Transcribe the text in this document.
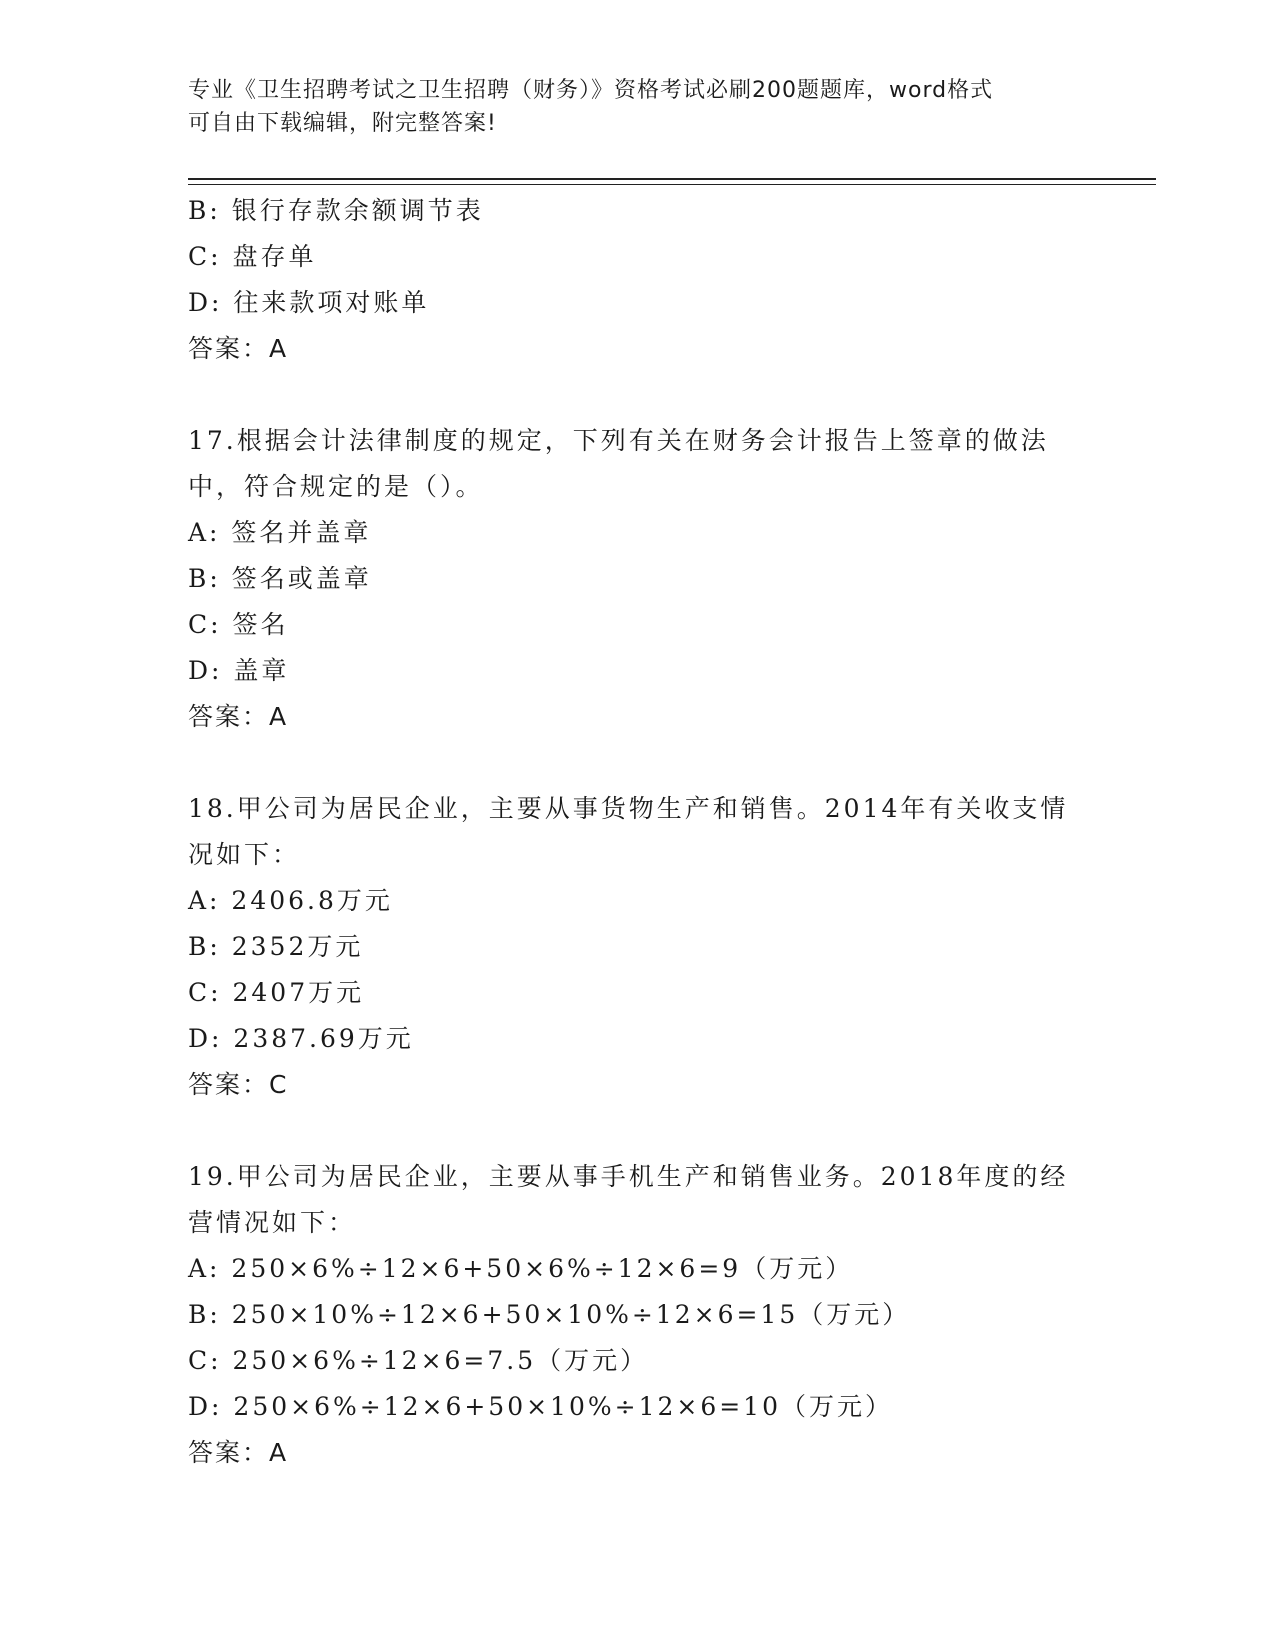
专业《卫生招聘考试之卫生招聘（财务）》资格考试必刷200题题库，word格式
可自由下载编辑，附完整答案!
B: 银行存款余额调节表
C: 盘存单
D: 往来款项对账单
答案：A
17.根据会计法律制度的规定，下列有关在财务会计报告上签章的做法
中，符合规定的是（）。
A: 签名并盖章
B: 签名或盖章
C: 签名
D: 盖章
答案：A
18.甲公司为居民企业，主要从事货物生产和销售。2014年有关收支情
况如下：
A: 2406.8万元
B: 2352万元
C: 2407万元
D: 2387.69万元
答案：C
19.甲公司为居民企业，主要从事手机生产和销售业务。2018年度的经
营情况如下：
A: 250×6%÷12×6+50×6%÷12×6=9（万元）
B: 250×10%÷12×6+50×10%÷12×6=15（万元）
C: 250×6%÷12×6=7.5（万元）
D: 250×6%÷12×6+50×10%÷12×6=10（万元）
答案：A
